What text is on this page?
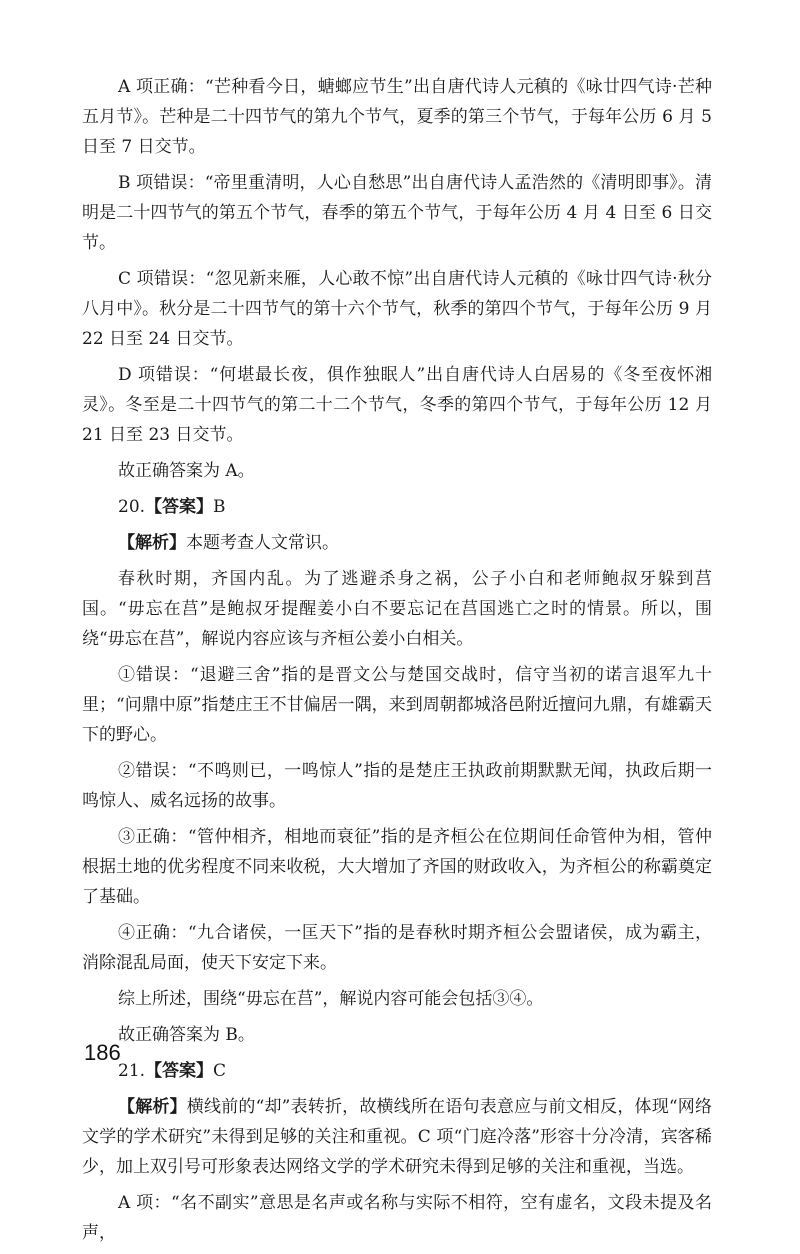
A 项正确：“芒种看今日，螗螂应节生”出自唐代诗人元稹的《咏廿四气诗·芒种五月节》。芒种是二十四节气的第九个节气，夏季的第三个节气，于每年公历 6 月 5 日至 7 日交节。

B 项错误：“帝里重清明，人心自愁思”出自唐代诗人孟浩然的《清明即事》。清明是二十四节气的第五个节气，春季的第五个节气，于每年公历 4 月 4 日至 6 日交节。

C 项错误：“忽见新来雁，人心敢不惊”出自唐代诗人元稹的《咏廿四气诗·秋分八月中》。秋分是二十四节气的第十六个节气，秋季的第四个节气，于每年公历 9 月 22 日至 24 日交节。

D 项错误：“何堪最长夜，俱作独眠人”出自唐代诗人白居易的《冬至夜怀湘灵》。冬至是二十四节气的第二十二个节气，冬季的第四个节气，于每年公历 12 月 21 日至 23 日交节。

故正确答案为 A。

20.【答案】B

【解析】本题考查人文常识。

春秋时期，齐国内乱。为了逃避杀身之祸，公子小白和老师鲍叔牙躲到莒国。“毋忘在莒”是鲍叔牙提醒姜小白不要忘记在莒国逃亡之时的情景。所以，围绕“毋忘在莒”，解说内容应该与齐桓公姜小白相关。

①错误：“退避三舍”指的是晋文公与楚国交战时，信守当初的诺言退军九十里；“问鼎中原”指楚庄王不甘偏居一隅，来到周朝都城洛邑附近擅问九鼎，有雄霸天下的野心。

②错误：“不鸣则已，一鸣惊人”指的是楚庄王执政前期默默无闻，执政后期一鸣惊人、威名远扬的故事。

③正确：“管仲相齐，相地而衰征”指的是齐桓公在位期间任命管仲为相，管仲根据土地的优劣程度不同来收税，大大增加了齐国的财政收入，为齐桓公的称霸奠定了基础。

④正确：“九合诸侯，一匡天下”指的是春秋时期齐桓公会盟诸侯，成为霸主，消除混乱局面，使天下安定下来。

综上所述，围绕“毋忘在莒”，解说内容可能会包括③④。

故正确答案为 B。

21.【答案】C

【解析】横线前的“却”表转折，故横线所在语句表意应与前文相反，体现“网络文学的学术研究”未得到足够的关注和重视。C 项“门庭冷落”形容十分冷清，宾客稀少，加上双引号可形象表达网络文学的学术研究未得到足够的关注和重视，当选。

A 项：“名不副实”意思是名声或名称与实际不相符，空有虚名，文段未提及名声，

186
